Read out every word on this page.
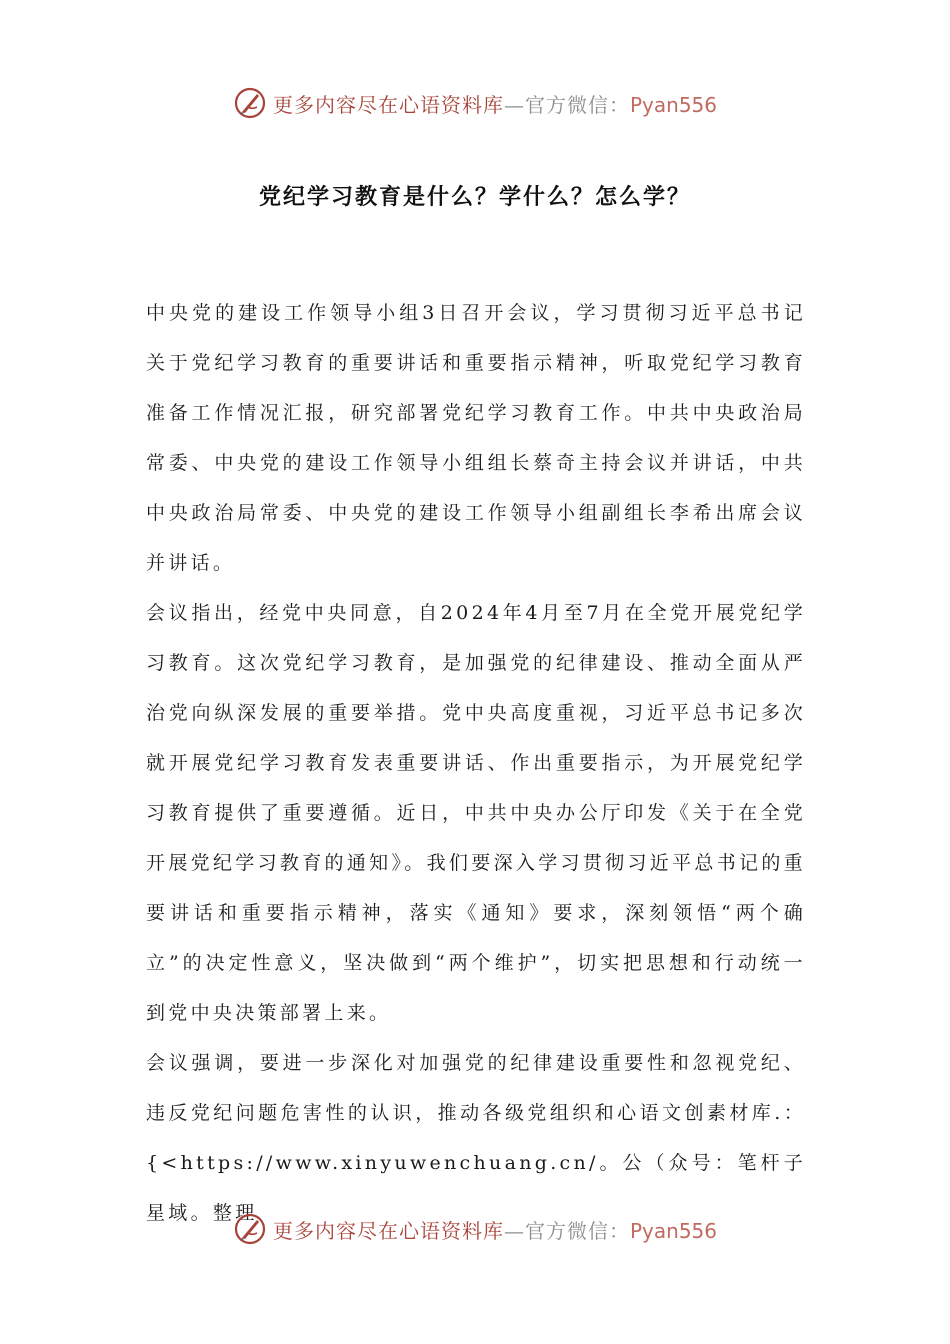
更多内容尽在心语资料库—官方微信：Pyan556
党纪学习教育是什么？学什么？怎么学？

中央党的建设工作领导小组3日召开会议，学习贯彻习近平总书记关于党纪学习教育的重要讲话和重要指示精神，听取党纪学习教育准备工作情况汇报，研究部署党纪学习教育工作。中共中央政治局常委、中央党的建设工作领导小组组长蔡奇主持会议并讲话，中共中央政治局常委、中央党的建设工作领导小组副组长李希出席会议并讲话。

会议指出，经党中央同意，自2024年4月至7月在全党开展党纪学习教育。这次党纪学习教育，是加强党的纪律建设、推动全面从严治党向纵深发展的重要举措。党中央高度重视，习近平总书记多次就开展党纪学习教育发表重要讲话、作出重要指示，为开展党纪学习教育提供了重要遵循。近日，中共中央办公厅印发《关于在全党开展党纪学习教育的通知》。我们要深入学习贯彻习近平总书记的重要讲话和重要指示精神，落实《通知》要求，深刻领悟“两个确立”的决定性意义，坚决做到“两个维护”，切实把思想和行动统一到党中央决策部署上来。

会议强调，要进一步深化对加强党的纪律建设重要性和忽视党纪、违反党纪问题危害性的认识，推动各级党组织和心语文创素材库.：{<https://www.xinyuwenchuang.cn/。公（众号：笔杆子星域。整理

更多内容尽在心语资料库—官方微信：Pyan556
